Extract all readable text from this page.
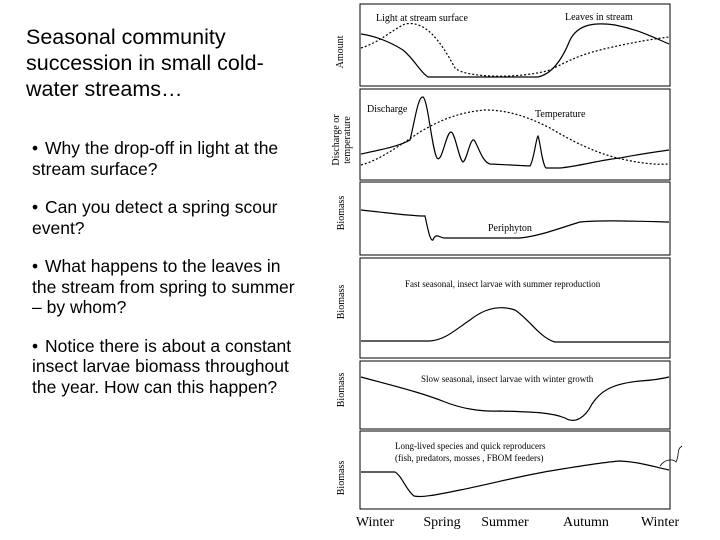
Seasonal community succession in small cold-water streams…
• Why the drop-off in light at the stream surface?
• Can you detect a spring scour event?
• What happens to the leaves in the stream from spring to summer – by whom?
• Notice there is about a constant insect larvae biomass throughout the year. How can this happen?
Amount
Discharge or temperature
Biomass
Biomass
Biomass
Biomass
Light at stream surface	Leaves in stream
Discharge	Temperature
Periphyton
Fast seasonal, insect larvae with summer reproduction
Slow seasonal, insect larvae with winter growth
Long-lived species and quick reproducers
(fish, predators, mosses , FBOM feeders)
Winter Spring Summer Autumn Winter
